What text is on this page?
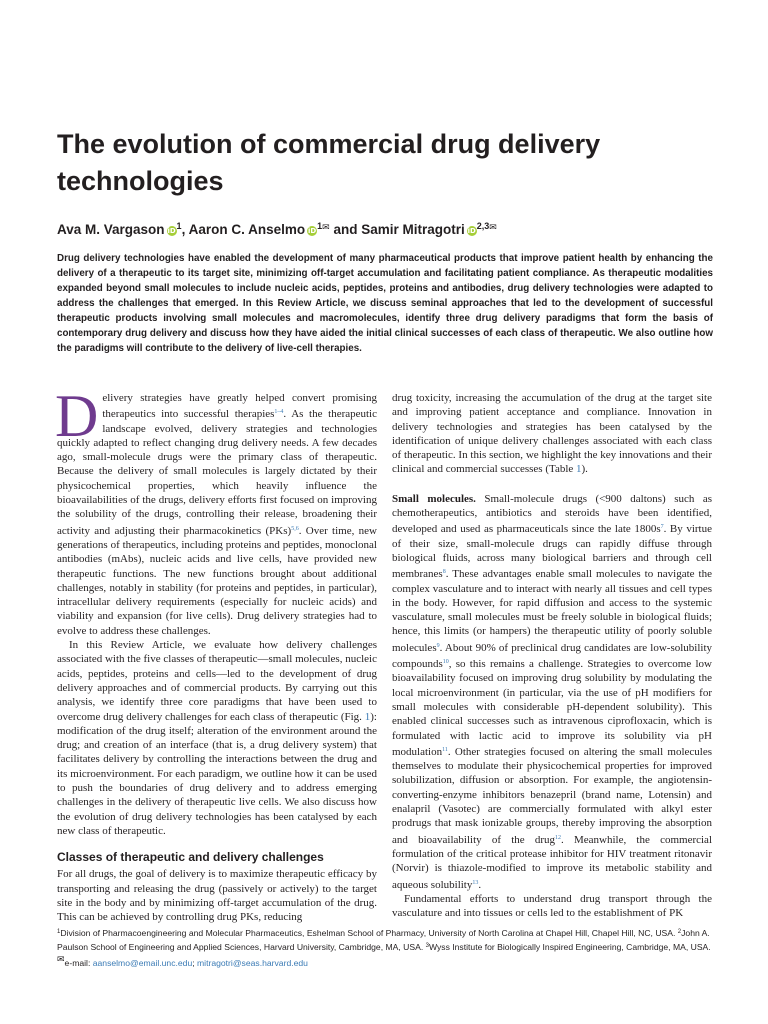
The evolution of commercial drug delivery technologies
Ava M. Vargason iD$^1$, Aaron C. Anselmo iD$^1$✉ and Samir Mitragotri iD$^{2,3}$✉

Drug delivery technologies have enabled the development of many pharmaceutical products that improve patient health by enhancing the delivery of a therapeutic to its target site, minimizing off-target accumulation and facilitating patient compliance. As therapeutic modalities expanded beyond small molecules to include nucleic acids, peptides, proteins and antibodies, drug delivery technologies were adapted to address the challenges that emerged. In this Review Article, we discuss seminal approaches that led to the development of successful therapeutic products involving small molecules and macromolecules, identify three drug delivery paradigms that form the basis of contemporary drug delivery and discuss how they have aided the initial clinical successes of each class of therapeutic. We also outline how the paradigms will contribute to the delivery of live-cell therapies.

Delivery strategies have greatly helped convert promising therapeutics into successful therapies$^{1-4}$. As the therapeutic landscape evolved, delivery strategies and technologies quickly adapted to reflect changing drug delivery needs. A few decades ago, small-molecule drugs were the primary class of therapeutic. Because the delivery of small molecules is largely dictated by their physicochemical properties, which heavily influence the bioavailabilities of the drugs, delivery efforts first focused on improving the solubility of the drugs, controlling their release, broadening their activity and adjusting their pharmacokinetics (PKs)$^{5,6}$. Over time, new generations of therapeutics, including proteins and peptides, monoclonal antibodies (mAbs), nucleic acids and live cells, have provided new therapeutic functions. The new functions brought about additional challenges, notably in stability (for proteins and peptides, in particular), intracellular delivery requirements (especially for nucleic acids) and viability and expansion (for live cells). Drug delivery strategies had to evolve to address these challenges.

In this Review Article, we evaluate how delivery challenges associated with the five classes of therapeutic—small molecules, nucleic acids, peptides, proteins and cells—led to the development of drug delivery approaches and of commercial products. By carrying out this analysis, we identify three core paradigms that have been used to overcome drug delivery challenges for each class of therapeutic (Fig. 1): modification of the drug itself; alteration of the environment around the drug; and creation of an interface (that is, a drug delivery system) that facilitates delivery by controlling the interactions between the drug and its microenvironment. For each paradigm, we outline how it can be used to push the boundaries of drug delivery and to address emerging challenges in the delivery of therapeutic live cells. We also discuss how the evolution of drug delivery technologies has been catalysed by each new class of therapeutic.

Classes of therapeutic and delivery challenges

For all drugs, the goal of delivery is to maximize therapeutic efficacy by transporting and releasing the drug (passively or actively) to the target site in the body and by minimizing off-target accumulation of the drug. This can be achieved by controlling drug PKs, reducing

drug toxicity, increasing the accumulation of the drug at the target site and improving patient acceptance and compliance. Innovation in delivery technologies and strategies has been catalysed by the identification of unique delivery challenges associated with each class of therapeutic. In this section, we highlight the key innovations and their clinical and commercial successes (Table 1).

Small molecules. Small-molecule drugs (<900 daltons) such as chemotherapeutics, antibiotics and steroids have been identified, developed and used as pharmaceuticals since the late 1800s$^7$. By virtue of their size, small-molecule drugs can rapidly diffuse through biological fluids, across many biological barriers and through cell membranes$^8$. These advantages enable small molecules to navigate the complex vasculature and to interact with nearly all tissues and cell types in the body. However, for rapid diffusion and access to the systemic vasculature, small molecules must be freely soluble in biological fluids; hence, this limits (or hampers) the therapeutic utility of poorly soluble molecules$^9$. About 90% of preclinical drug candidates are low-solubility compounds$^{10}$, so this remains a challenge. Strategies to overcome low bioavailability focused on improving drug solubility by modulating the local microenvironment (in particular, via the use of pH modifiers for small molecules with considerable pH-dependent solubility). This enabled clinical successes such as intravenous ciprofloxacin, which is formulated with lactic acid to improve its solubility via pH modulation$^{11}$. Other strategies focused on altering the small molecules themselves to modulate their physicochemical properties for improved solubilization, diffusion or absorption. For example, the angiotensin-converting-enzyme inhibitors benazepril (brand name, Lotensin) and enalapril (Vasotec) are commercially formulated with alkyl ester prodrugs that mask ionizable groups, thereby improving the absorption and bioavailability of the drug$^{12}$. Meanwhile, the commercial formulation of the critical protease inhibitor for HIV treatment ritonavir (Norvir) is thiazole-modified to improve its metabolic stability and aqueous solubility$^{13}$.

Fundamental efforts to understand drug transport through the vasculature and into tissues or cells led to the establishment of PK

$^1$Division of Pharmacoengineering and Molecular Pharmaceutics, Eshelman School of Pharmacy, University of North Carolina at Chapel Hill, Chapel Hill, NC, USA. $^2$John A. Paulson School of Engineering and Applied Sciences, Harvard University, Cambridge, MA, USA. $^3$Wyss Institute for Biologically Inspired Engineering, Cambridge, MA, USA. ✉e-mail: aanselmo@email.unc.edu; mitragotri@seas.harvard.edu
